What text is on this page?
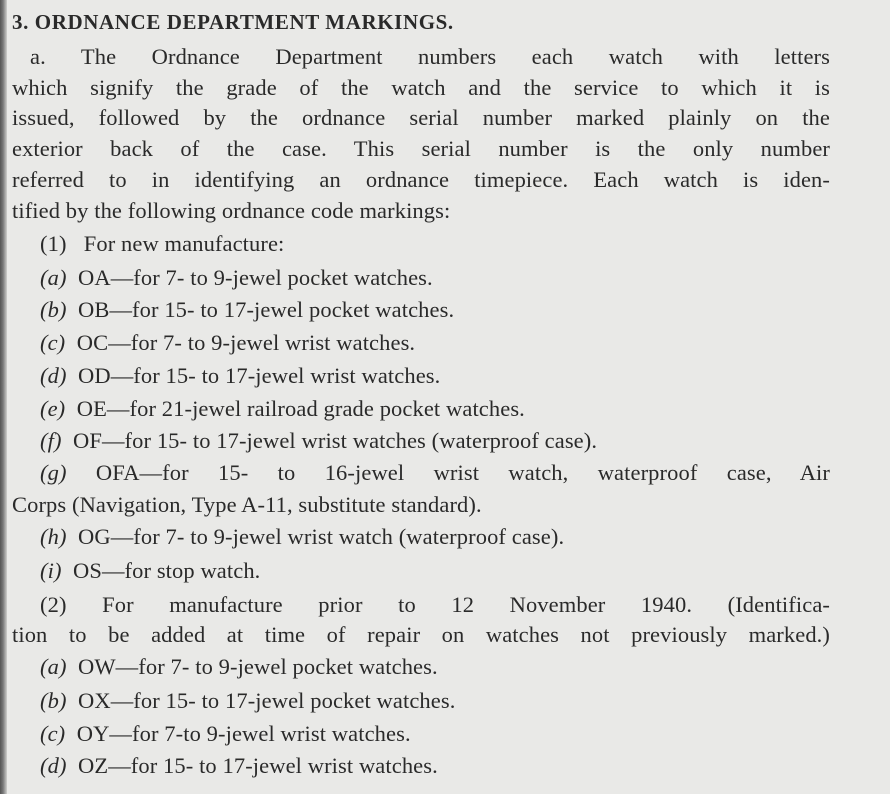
3. ORDNANCE DEPARTMENT MARKINGS.
a. The Ordnance Department numbers each watch with letters
which signify the grade of the watch and the service to which it is
issued, followed by the ordnance serial number marked plainly on the
exterior back of the case. This serial number is the only number
referred to in identifying an ordnance timepiece. Each watch is iden-
tified by the following ordnance code markings:
(1) For new manufacture:
(a) OA—for 7- to 9-jewel pocket watches.
(b) OB—for 15- to 17-jewel pocket watches.
(c) OC—for 7- to 9-jewel wrist watches.
(d) OD—for 15- to 17-jewel wrist watches.
(e) OE—for 21-jewel railroad grade pocket watches.
(f) OF—for 15- to 17-jewel wrist watches (waterproof case).
(g) OFA—for 15- to 16-jewel wrist watch, waterproof case, Air
Corps (Navigation, Type A-11, substitute standard).
(h) OG—for 7- to 9-jewel wrist watch (waterproof case).
(i) OS—for stop watch.
(2) For manufacture prior to 12 November 1940. (Identifica-
tion to be added at time of repair on watches not previously marked.)
(a) OW—for 7- to 9-jewel pocket watches.
(b) OX—for 15- to 17-jewel pocket watches.
(c) OY—for 7-to 9-jewel wrist watches.
(d) OZ—for 15- to 17-jewel wrist watches.
